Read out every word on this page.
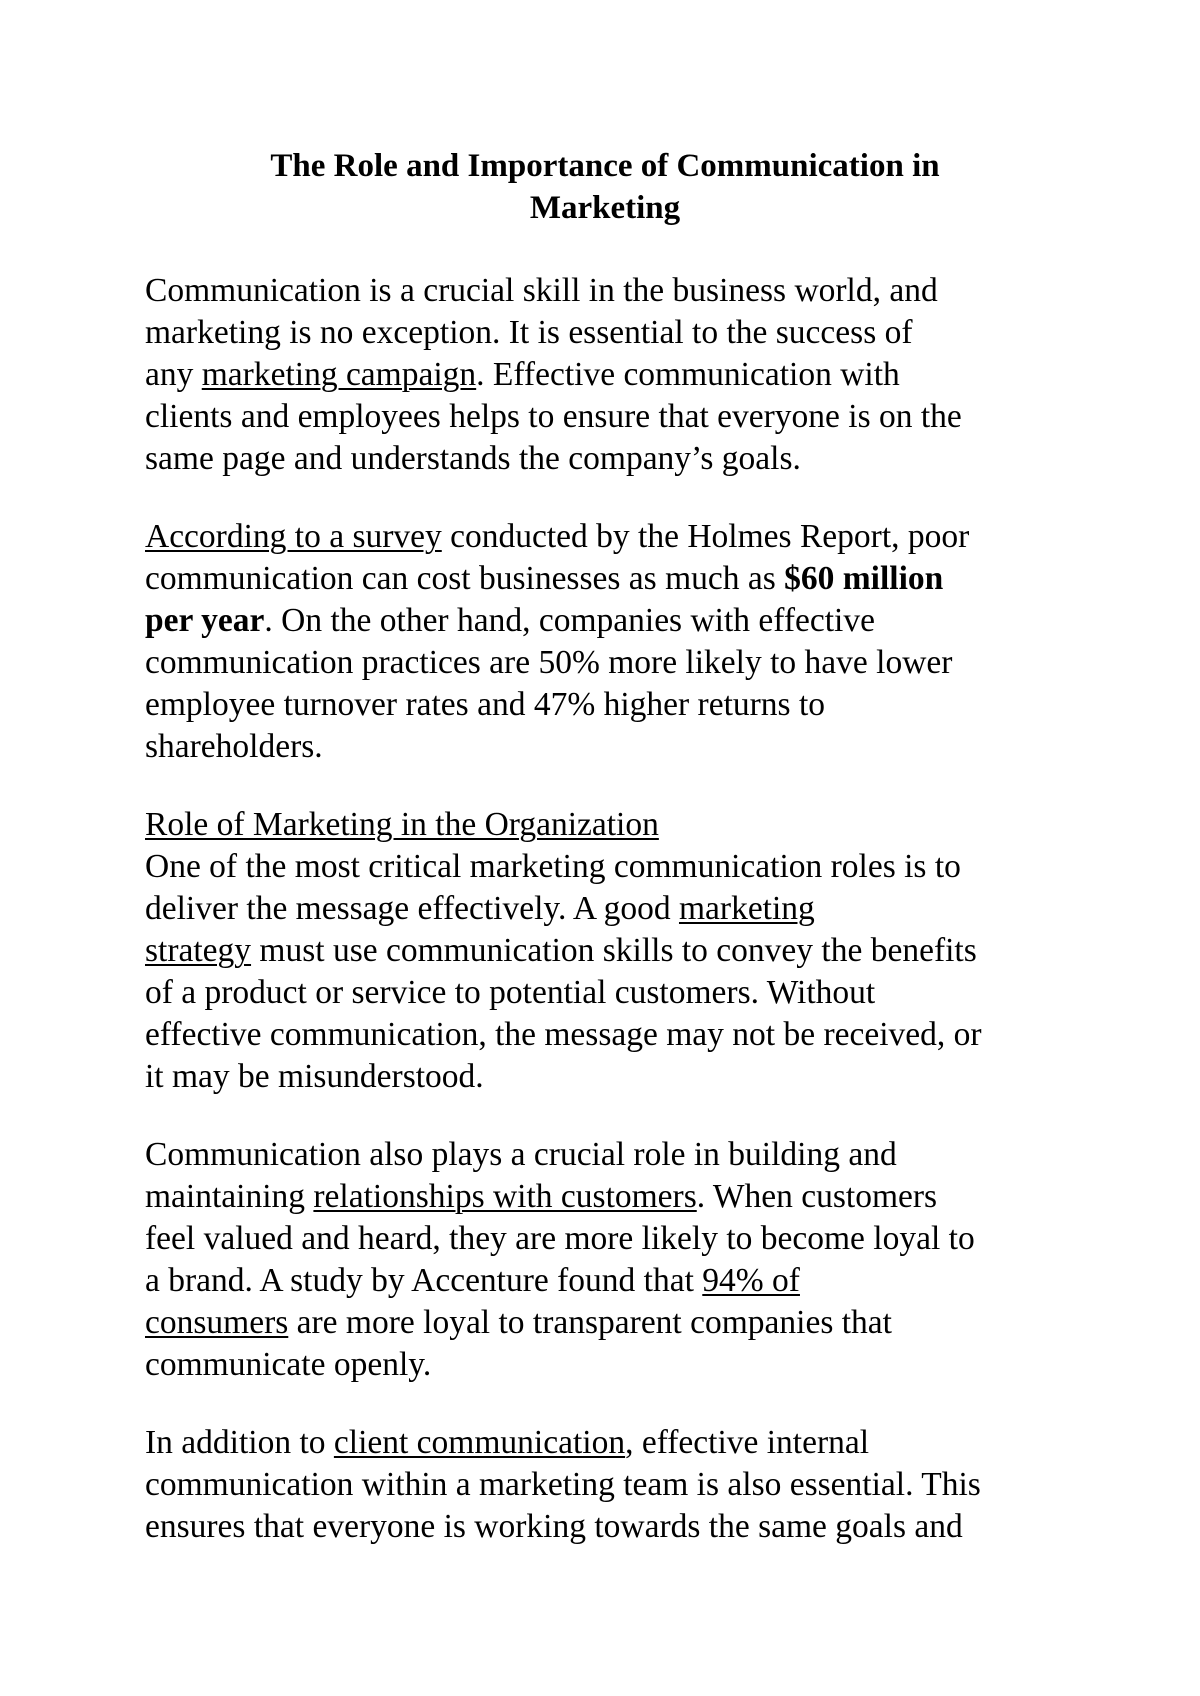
The Role and Importance of Communication in
Marketing

Communication is a crucial skill in the business world, and
marketing is no exception. It is essential to the success of
any marketing campaign. Effective communication with
clients and employees helps to ensure that everyone is on the
same page and understands the company’s goals.

According to a survey conducted by the Holmes Report, poor
communication can cost businesses as much as $60 million
per year. On the other hand, companies with effective
communication practices are 50% more likely to have lower
employee turnover rates and 47% higher returns to
shareholders.

Role of Marketing in the Organization
One of the most critical marketing communication roles is to
deliver the message effectively. A good marketing
strategy must use communication skills to convey the benefits
of a product or service to potential customers. Without
effective communication, the message may not be received, or
it may be misunderstood.

Communication also plays a crucial role in building and
maintaining relationships with customers. When customers
feel valued and heard, they are more likely to become loyal to
a brand. A study by Accenture found that 94% of
consumers are more loyal to transparent companies that
communicate openly.

In addition to client communication, effective internal
communication within a marketing team is also essential. This
ensures that everyone is working towards the same goals and
